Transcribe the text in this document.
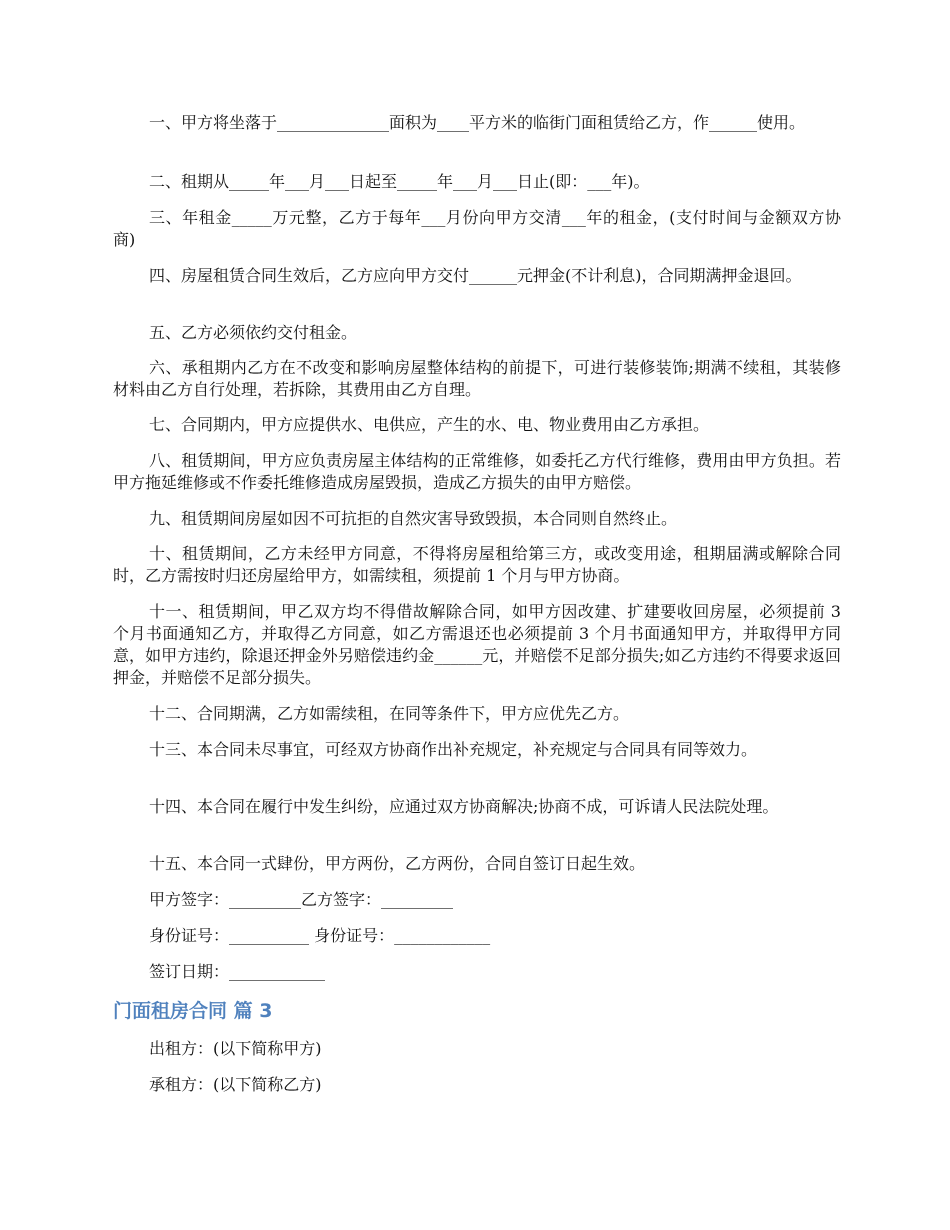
一、甲方将坐落于______________面积为____平方米的临街门面租赁给乙方，作______使用。

二、租期从_____年___月___日起至_____年___月___日止(即：___年)。

三、年租金_____万元整，乙方于每年___月份向甲方交清___年的租金，(支付时间与金额双方协商)

四、房屋租赁合同生效后，乙方应向甲方交付______元押金(不计利息)，合同期满押金退回。

五、乙方必须依约交付租金。

六、承租期内乙方在不改变和影响房屋整体结构的前提下，可进行装修装饰;期满不续租，其装修材料由乙方自行处理，若拆除，其费用由乙方自理。

七、合同期内，甲方应提供水、电供应，产生的水、电、物业费用由乙方承担。

八、租赁期间，甲方应负责房屋主体结构的正常维修，如委托乙方代行维修，费用由甲方负担。若甲方拖延维修或不作委托维修造成房屋毁损，造成乙方损失的由甲方赔偿。

九、租赁期间房屋如因不可抗拒的自然灾害导致毁损，本合同则自然终止。

十、租赁期间，乙方未经甲方同意，不得将房屋租给第三方，或改变用途，租期届满或解除合同时，乙方需按时归还房屋给甲方，如需续租，须提前 1 个月与甲方协商。

十一、租赁期间，甲乙双方均不得借故解除合同，如甲方因改建、扩建要收回房屋，必须提前 3 个月书面通知乙方，并取得乙方同意，如乙方需退还也必须提前 3 个月书面通知甲方，并取得甲方同意，如甲方违约，除退还押金外另赔偿违约金______元，并赔偿不足部分损失;如乙方违约不得要求返回押金，并赔偿不足部分损失。

十二、合同期满，乙方如需续租，在同等条件下，甲方应优先乙方。

十三、本合同未尽事宜，可经双方协商作出补充规定，补充规定与合同具有同等效力。

十四、本合同在履行中发生纠纷，应通过双方协商解决;协商不成，可诉请人民法院处理。

十五、本合同一式肆份，甲方两份，乙方两份，合同自签订日起生效。

甲方签字：_________乙方签字：_________

身份证号：__________ 身份证号：____________

签订日期：____________

门面租房合同 篇 3

出租方：(以下简称甲方)

承租方：(以下简称乙方)
